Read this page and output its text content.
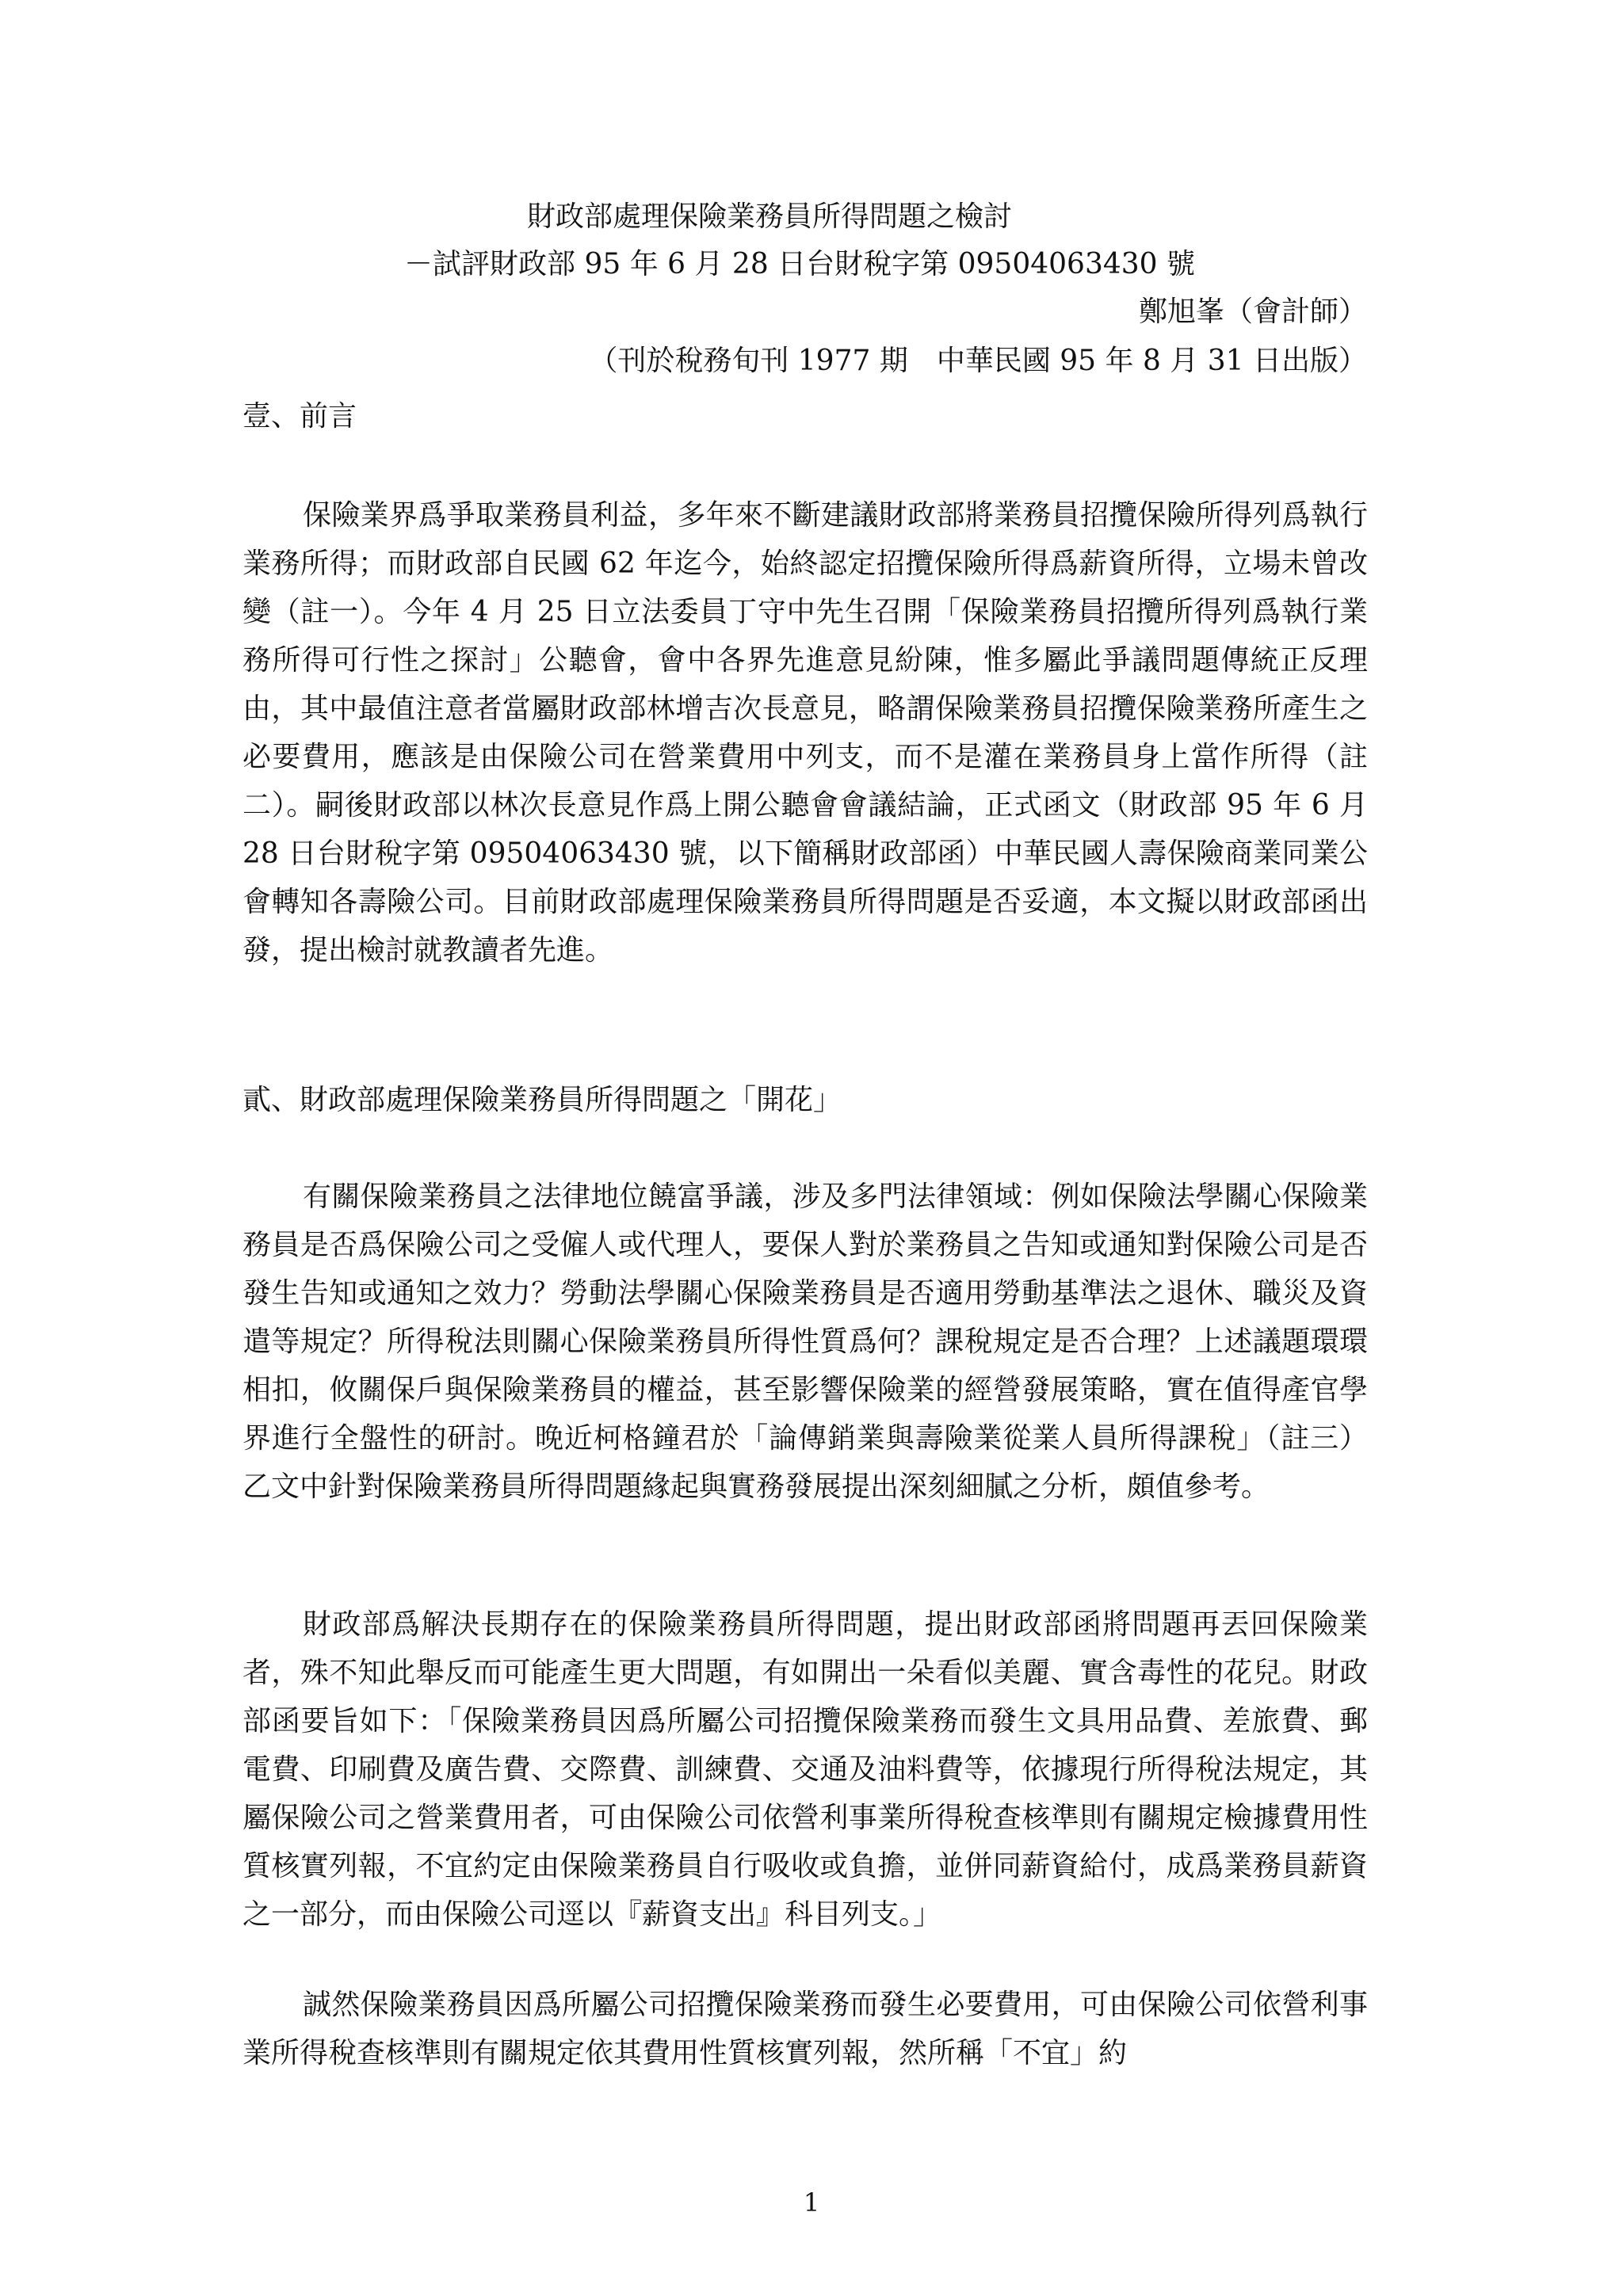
財政部處理保險業務員所得問題之檢討
－試評財政部 95 年 6 月 28 日台財稅字第 09504063430 號
鄭旭峯（會計師）
（刊於稅務旬刊 1977 期　中華民國 95 年 8 月 31 日出版）
壹、前言

保險業界爲爭取業務員利益，多年來不斷建議財政部將業務員招攬保險所得列爲執行業務所得；而財政部自民國 62 年迄今，始終認定招攬保險所得爲薪資所得，立場未曾改變（註一）。今年 4 月 25 日立法委員丁守中先生召開「保險業務員招攬所得列爲執行業務所得可行性之探討」公聽會，會中各界先進意見紛陳，惟多屬此爭議問題傳統正反理由，其中最值注意者當屬財政部林增吉次長意見，略謂保險業務員招攬保險業務所產生之必要費用，應該是由保險公司在營業費用中列支，而不是灌在業務員身上當作所得（註二）。嗣後財政部以林次長意見作爲上開公聽會會議結論，正式函文（財政部 95 年 6 月 28 日台財稅字第 09504063430 號，以下簡稱財政部函）中華民國人壽保險商業同業公會轉知各壽險公司。目前財政部處理保險業務員所得問題是否妥適，本文擬以財政部函出發，提出檢討就教讀者先進。

貳、財政部處理保險業務員所得問題之「開花」

有關保險業務員之法律地位饒富爭議，涉及多門法律領域：例如保險法學關心保險業務員是否爲保險公司之受僱人或代理人，要保人對於業務員之告知或通知對保險公司是否發生告知或通知之效力？勞動法學關心保險業務員是否適用勞動基準法之退休、職災及資遣等規定？所得稅法則關心保險業務員所得性質爲何？課稅規定是否合理？上述議題環環相扣，攸關保戶與保險業務員的權益，甚至影響保險業的經營發展策略，實在值得產官學界進行全盤性的研討。晚近柯格鐘君於「論傳銷業與壽險業從業人員所得課稅」（註三）乙文中針對保險業務員所得問題緣起與實務發展提出深刻細膩之分析，頗值參考。

財政部爲解決長期存在的保險業務員所得問題，提出財政部函將問題再丟回保險業者，殊不知此舉反而可能產生更大問題，有如開出一朵看似美麗、實含毒性的花兒。財政部函要旨如下：「保險業務員因爲所屬公司招攬保險業務而發生文具用品費、差旅費、郵電費、印刷費及廣告費、交際費、訓練費、交通及油料費等，依據現行所得稅法規定，其屬保險公司之營業費用者，可由保險公司依營利事業所得稅查核準則有關規定檢據費用性質核實列報，不宜約定由保險業務員自行吸收或負擔，並併同薪資給付，成爲業務員薪資之一部分，而由保險公司逕以『薪資支出』科目列支。」

誠然保險業務員因爲所屬公司招攬保險業務而發生必要費用，可由保險公司依營利事業所得稅查核準則有關規定依其費用性質核實列報，然所稱「不宜」約

1
